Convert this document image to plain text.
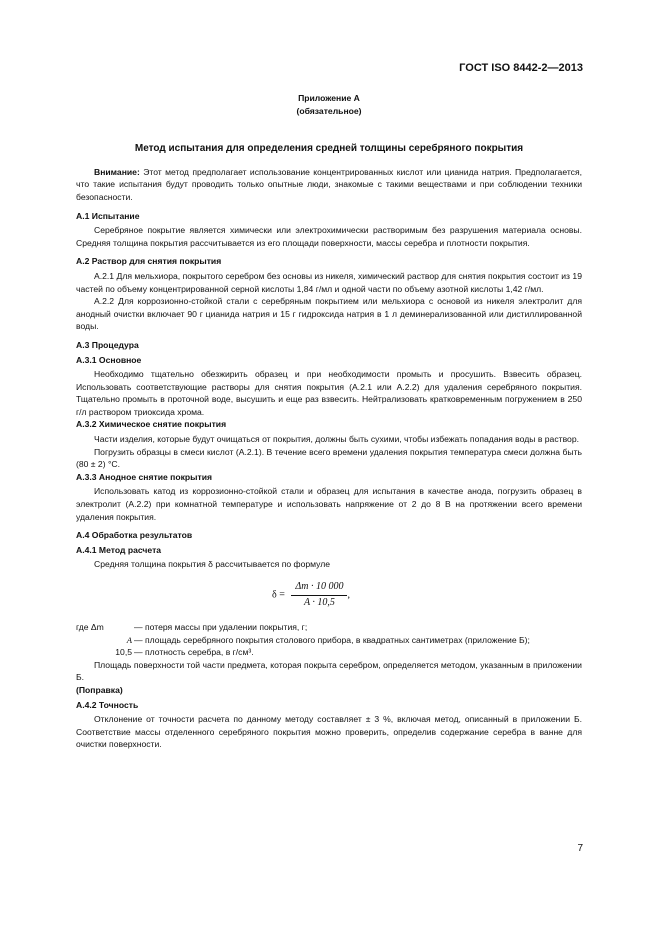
ГОСТ ISO 8442-2—2013
Приложение А
(обязательное)
Метод испытания для определения средней толщины серебряного покрытия

Внимание: Этот метод предполагает использование концентрированных кислот или цианида натрия. Предполагается, что такие испытания будут проводить только опытные люди, знакомые с такими веществами и при соблюдении техники безопасности.

А.1 Испытание

Серебряное покрытие является химически или электрохимически растворимым без разрушения материала основы. Средняя толщина покрытия рассчитывается из его площади поверхности, массы серебра и плотности покрытия.

А.2 Раствор для снятия покрытия

А.2.1 Для мельхиора, покрытого серебром без основы из никеля, химический раствор для снятия покрытия состоит из 19 частей по объему концентрированной серной кислоты 1,84 г/мл и одной части по объему азотной кислоты 1,42 г/мл.

А.2.2 Для коррозионно-стойкой стали с серебряным покрытием или мельхиора с основой из никеля электролит для анодный очистки включает 90 г цианида натрия и 15 г гидроксида натрия в 1 л деминерализованной или дистиллированной воды.

А.3 Процедура
А.3.1 Основное

Необходимо тщательно обезжирить образец и при необходимости промыть и просушить. Взвесить образец. Использовать соответствующие растворы для снятия покрытия (А.2.1 или А.2.2) для удаления серебряного покрытия. Тщательно промыть в проточной воде, высушить и еще раз взвесить. Нейтрализовать кратковременным погружением в 250 г/л раствором триоксида хрома.

А.3.2 Химическое снятие покрытия

Части изделия, которые будут очищаться от покрытия, должны быть сухими, чтобы избежать попадания воды в раствор.

Погрузить образцы в смеси кислот (А.2.1). В течение всего времени удаления покрытия температура смеси должна быть (80 ± 2) °С.

А.3.3 Анодное снятие покрытия

Использовать катод из коррозионно-стойкой стали и образец для испытания в качестве анода, погрузить образец в электролит (А.2.2) при комнатной температуре и использовать напряжение от 2 до 8 В на протяжении всего времени удаления покрытия.

А.4 Обработка результатов
А.4.1 Метод расчета

Средняя толщина покрытия δ рассчитывается по формуле

$\delta = \frac{\Delta m \cdot 10 000}{A \cdot 10,5}$ ,
где Δm	— потеря массы при удалении покрытия, г;
A — площадь серебряного покрытия столового прибора, в квадратных сантиметрах (приложение Б);
10,5 — плотность серебра, в г/см³.

Площадь поверхности той части предмета, которая покрыта серебром, определяется методом, указанным в приложении Б.

(Поправка)
А.4.2 Точность

Отклонение от точности расчета по данному методу составляет ± 3 %, включая метод, описанный в приложении Б. Соответствие массы отделенного серебряного покрытия можно проверить, определив содержание серебра в ванне для очистки поверхности.

7
